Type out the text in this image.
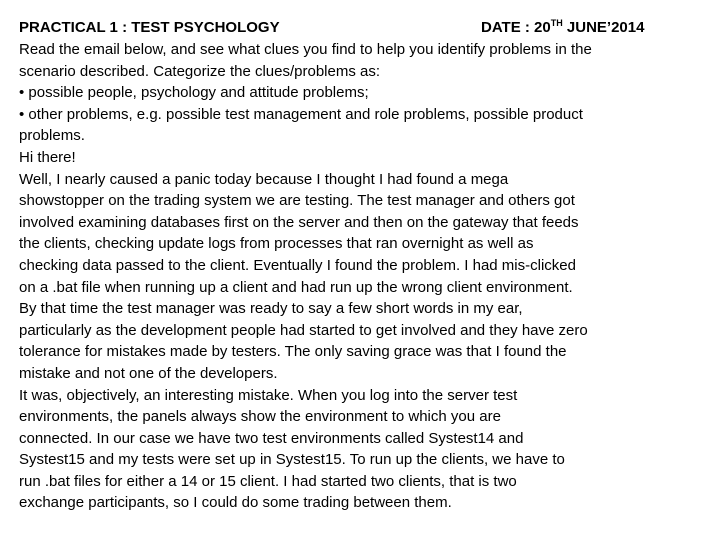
PRACTICAL 1 : TEST PSYCHOLOGY	DATE : 20TH JUNE’2014
Read the email below, and see what clues you find to help you identify problems in the
scenario described. Categorize the clues/problems as:
• possible people, psychology and attitude problems;
• other problems, e.g. possible test management and role problems, possible product
problems.
Hi there!
Well, I nearly caused a panic today because I thought I had found a mega
showstopper on the trading system we are testing. The test manager and others got
involved examining databases first on the server and then on the gateway that feeds
the clients, checking update logs from processes that ran overnight as well as
checking data passed to the client. Eventually I found the problem. I had mis-clicked
on a .bat file when running up a client and had run up the wrong client environment.
By that time the test manager was ready to say a few short words in my ear,
particularly as the development people had started to get involved and they have zero
tolerance for mistakes made by testers. The only saving grace was that I found the
mistake and not one of the developers.
It was, objectively, an interesting mistake. When you log into the server test
environments, the panels always show the environment to which you are
connected. In our case we have two test environments called Systest14 and
Systest15 and my tests were set up in Systest15. To run up the clients, we have to
run .bat files for either a 14 or 15 client. I had started two clients, that is two
exchange participants, so I could do some trading between them.
